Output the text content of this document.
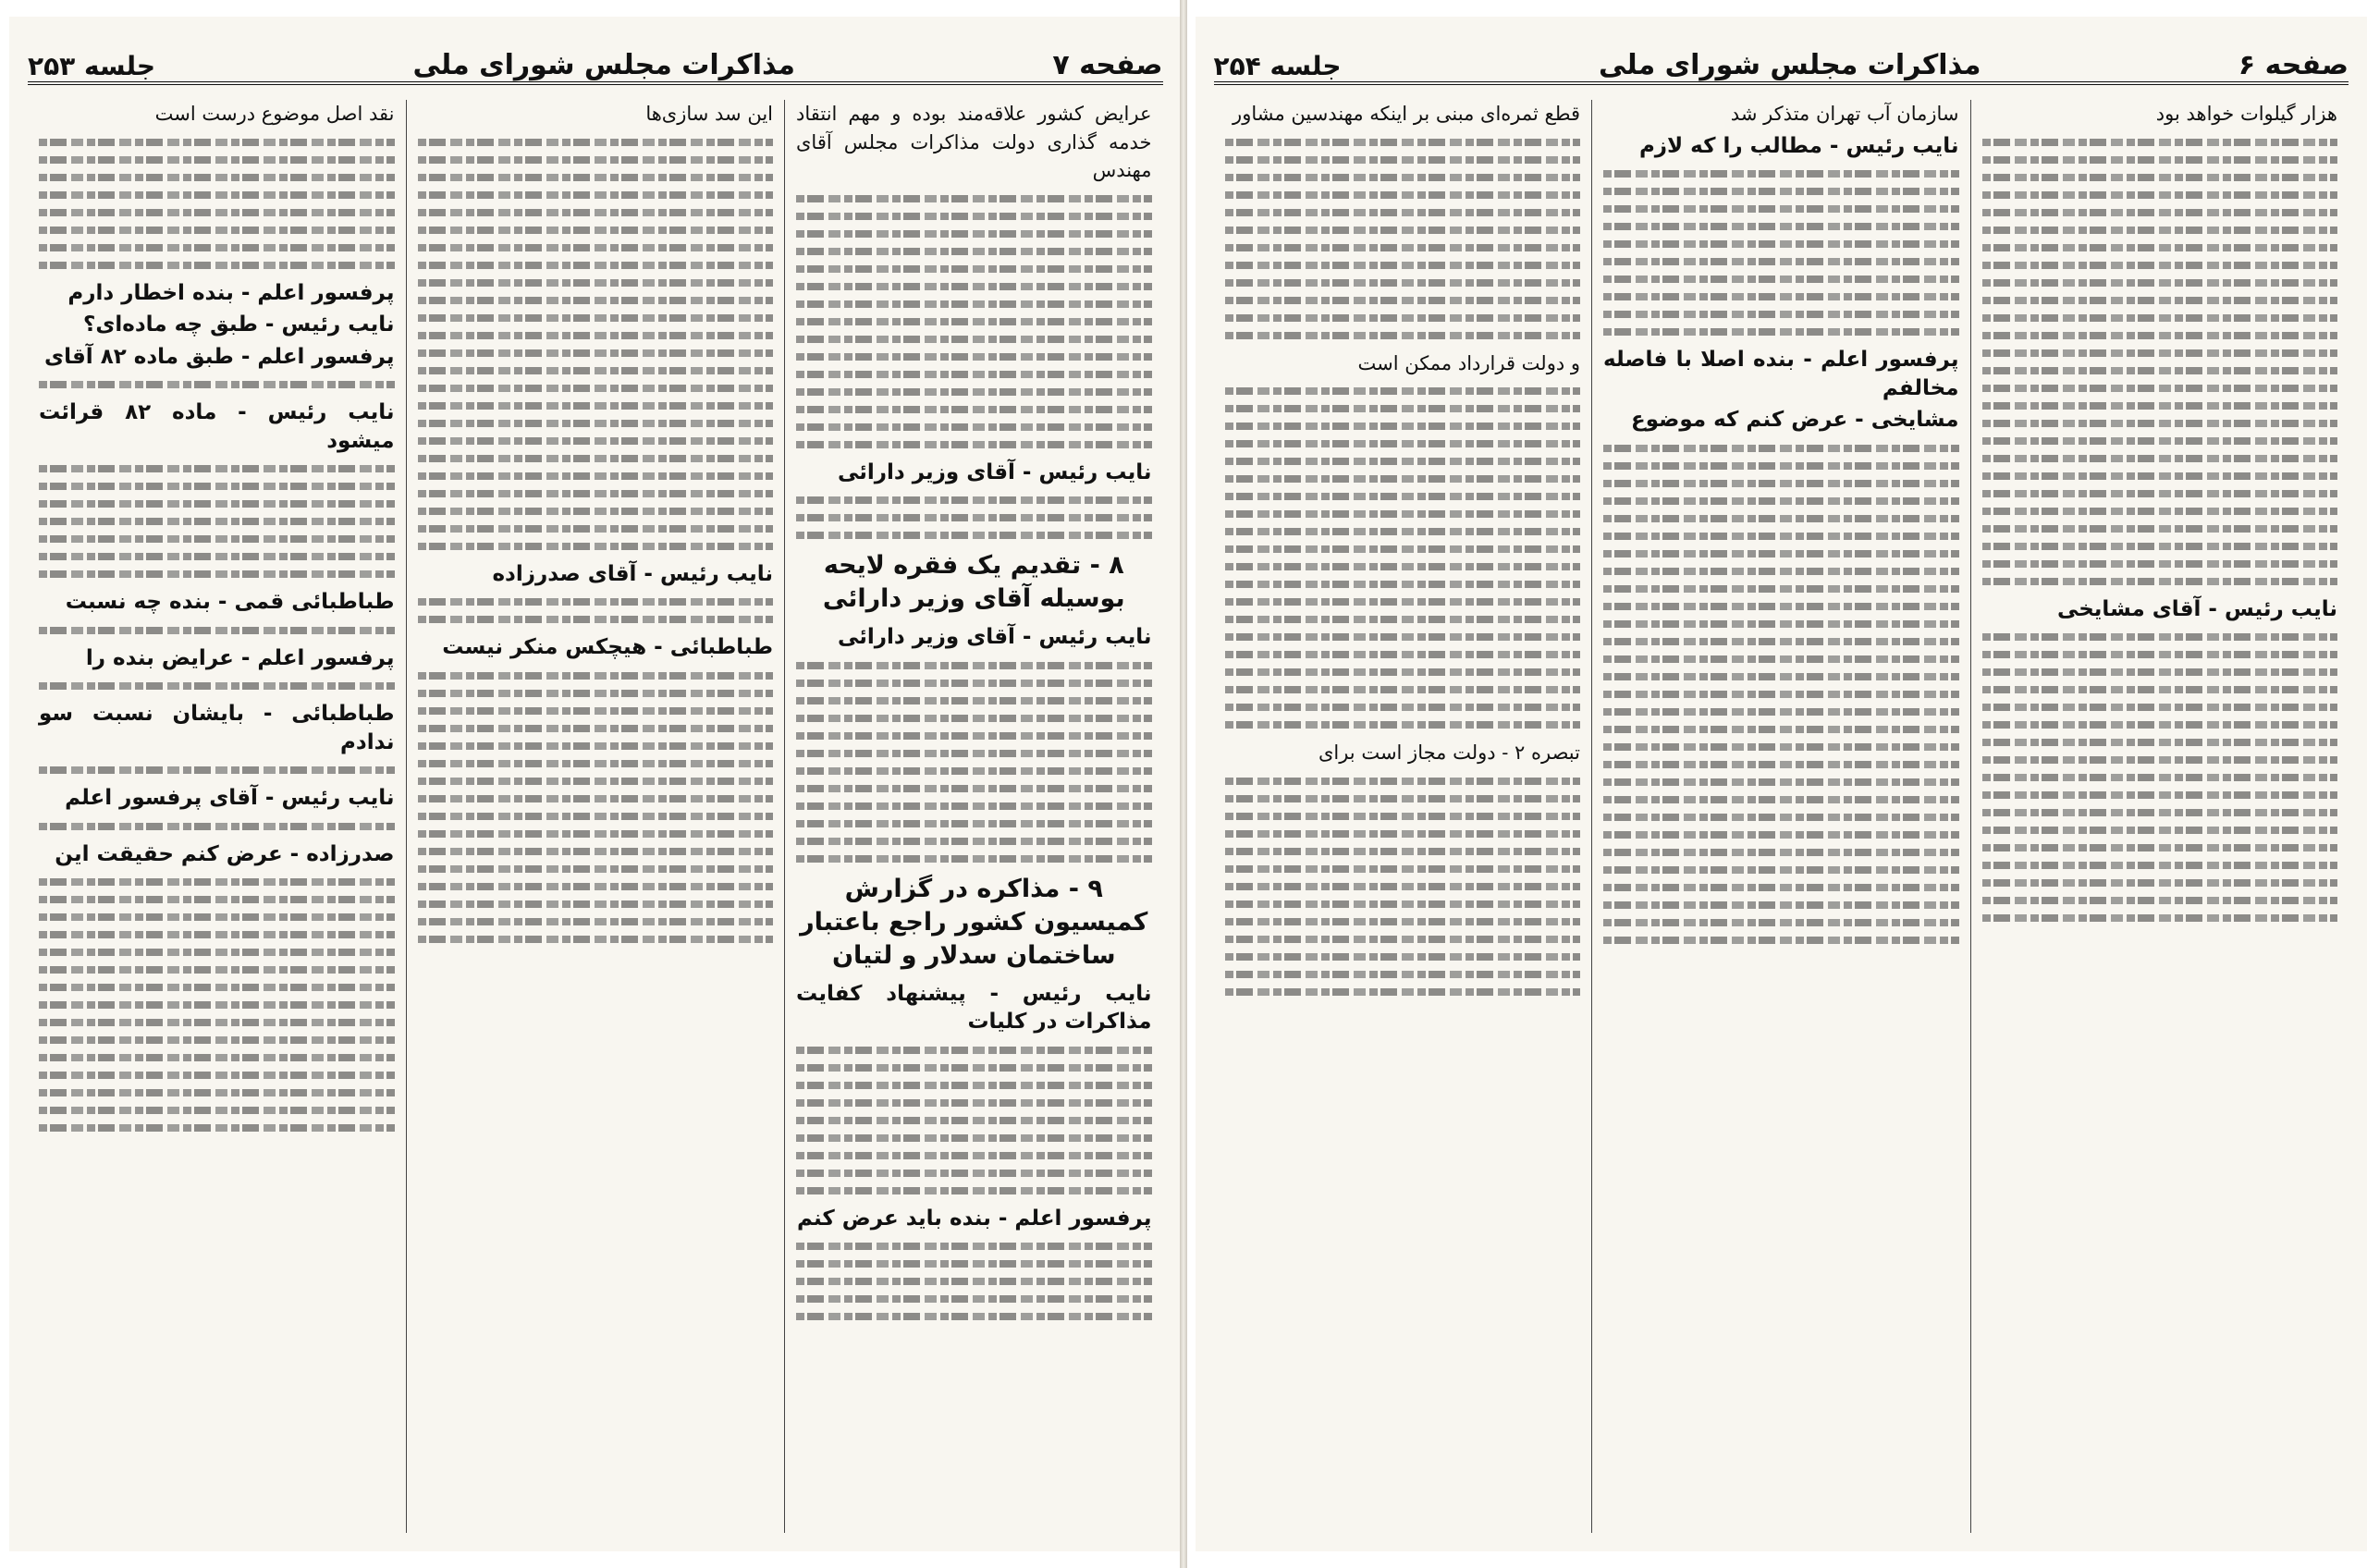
صفحه ۷
مذاکرات مجلس شورای ملی
جلسه ۲۵۳

عرایض کشور علاقه‌مند بوده و مهم انتقاد خدمه گذاری دولت مذاکرات مجلس آقای مهندس

نایب رئیس - آقای وزیر دارائی

۸ - تقدیم یک فقره لایحه بوسیله آقای وزیر دارائی

نایب رئیس - آقای وزیر دارائی

۹ - مذاکره در گزارش کمیسیون کشور راجع باعتبار ساختمان سدلار و لتیان

نایب رئیس - پیشنهاد کفایت مذاکرات در کلیات

پرفسور اعلم - بنده باید عرض کنم

این سد سازی‌ها

نایب رئیس - آقای صدرزاده

طباطبائی - هیچکس منکر نیست

نقد اصل موضوع درست است

پرفسور اعلم - بنده اخطار دارم

نایب رئیس - طبق چه ماده‌ای؟

پرفسور اعلم - طبق ماده ۸۲ آقای

نایب رئیس - ماده ۸۲ قرائت میشود

طباطبائی قمی - بنده چه نسبت

پرفسور اعلم - عرایض بنده را

طباطبائی - بایشان نسبت سو ندادم

نایب رئیس - آقای پرفسور اعلم

صدرزاده - عرض کنم حقیقت این

صفحه ۶
مذاکرات مجلس شورای ملی
جلسه ۲۵۴

هزار گیلوات خواهد بود

نایب رئیس - آقای مشایخی

سازمان آب تهران متذکر شد

نایب رئیس - مطالب را که لازم

پرفسور اعلم - بنده اصلا با فاصله مخالفم

مشایخی - عرض کنم که موضوع

قطع ثمره‌ای مبنی بر اینکه مهندسین مشاور

و دولت قرارداد ممکن است

تبصره ۲ - دولت مجاز است برای
